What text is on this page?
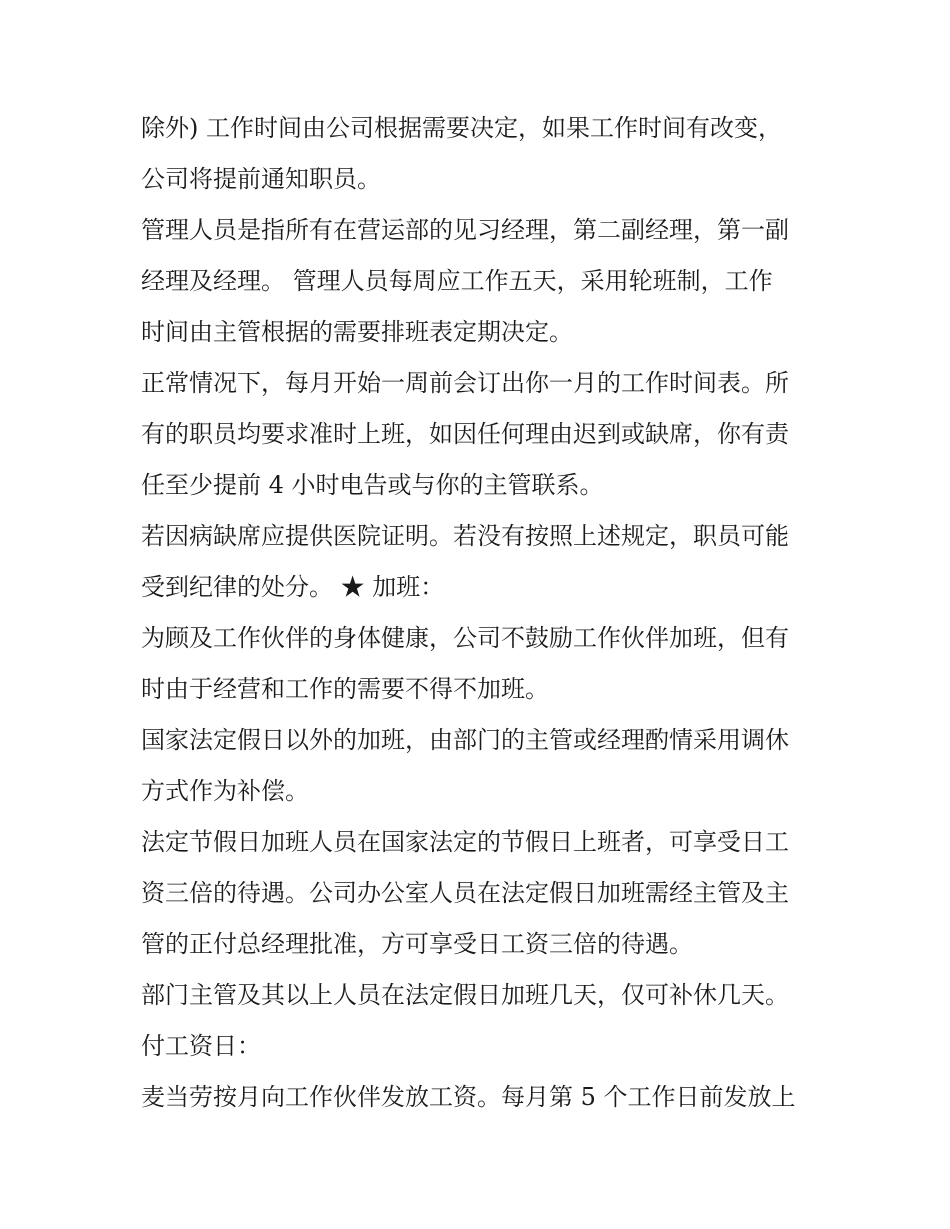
除外) 工作时间由公司根据需要决定，如果工作时间有改变，
公司将提前通知职员。
管理人员是指所有在营运部的见习经理，第二副经理，第一副
经理及经理。 管理人员每周应工作五天，采用轮班制，工作
时间由主管根据的需要排班表定期决定。
正常情况下，每月开始一周前会订出你一月的工作时间表。所
有的职员均要求准时上班，如因任何理由迟到或缺席，你有责
任至少提前 4 小时电告或与你的主管联系。
若因病缺席应提供医院证明。若没有按照上述规定，职员可能
受到纪律的处分。 ★ 加班：
为顾及工作伙伴的身体健康，公司不鼓励工作伙伴加班，但有
时由于经营和工作的需要不得不加班。
国家法定假日以外的加班，由部门的主管或经理酌情采用调休
方式作为补偿。
法定节假日加班人员在国家法定的节假日上班者，可享受日工
资三倍的待遇。公司办公室人员在法定假日加班需经主管及主
管的正付总经理批准，方可享受日工资三倍的待遇。
部门主管及其以上人员在法定假日加班几天，仅可补休几天。
付工资日：
麦当劳按月向工作伙伴发放工资。每月第 5 个工作日前发放上
